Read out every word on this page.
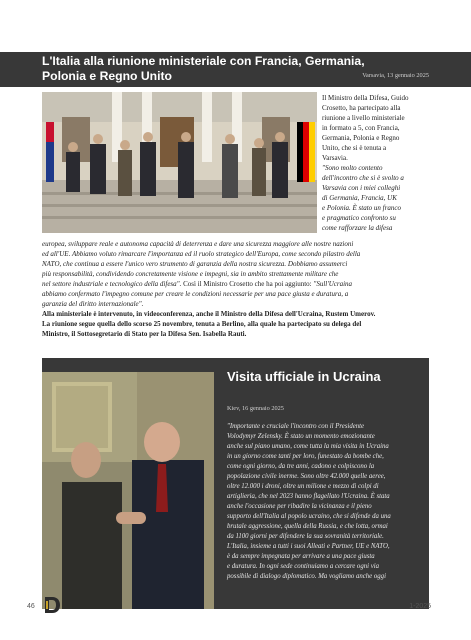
L'Italia alla riunione ministeriale con Francia, Germania,
Polonia e Regno Unito	Varsavia, 13 gennaio 2025
Il Ministro della Difesa, Guido
Crosetto, ha partecipato alla
riunione a livello ministeriale
in formato a 5, con Francia,
Germania, Polonia e Regno
Unito, che si è tenuta a
Varsavia.
"Sono molto contento
dell'incontro che si è svolto a
Varsavia con i miei colleghi
di Germania, Francia, UK
e Polonia. È stato un franco
e pragmatico confronto su
come rafforzare la difesa
europea, sviluppare reale e autonoma capacità di deterrenza e dare una sicurezza maggiore alle nostre nazioni
ed all'UE. Abbiamo voluto rimarcare l'importanza ed il ruolo strategico dell'Europa, come secondo pilastro della
NATO, che continua a essere l'unico vero strumento di garanzia della nostra sicurezza. Dobbiamo assumerci
più responsabilità, condividendo concretamente visione e impegni, sia in ambito strettamente militare che
nel settore industriale e tecnologico della difesa". Così il Ministro Crosetto che ha poi aggiunto: "Sull'Ucraina
abbiamo confermato l'impegno comune per creare le condizioni necessarie per una pace giusta e duratura, a
garanzia del diritto internazionale".
Alla ministeriale è intervenuto, in videoconferenza, anche il Ministro della Difesa dell'Ucraina, Rustem Umerov.
La riunione segue quella dello scorso 25 novembre, tenuta a Berlino, alla quale ha partecipato su delega del
Ministro, il Sottosegretario di Stato per la Difesa Sen. Isabella Rauti.
Visita ufficiale in Ucraina
Kiev, 16 gennaio 2025
"Importante e cruciale l'incontro con il Presidente
Volodymyr Zelensky. È stato un momento emozionante
anche sul piano umano, come tutta la mia visita in Ucraina
in un giorno come tanti per loro, funestato da bombe che,
come ogni giorno, da tre anni, cadono e colpiscono la
popolazione civile inerme. Sono oltre 42.000 quelle aeree,
oltre 12.000 i droni, oltre un milione e mezzo di colpi di
artiglieria, che nel 2023 hanno flagellato l'Ucraina. È stata
anche l'occasione per ribadire la vicinanza e il pieno
supporto dell'Italia al popolo ucraino, che si difende da una
brutale aggressione, quella della Russia, e che lotta, ormai
da 1100 giorni per difendere la sua sovranità territoriale.
L'Italia, insieme a tutti i suoi Alleati e Partner, UE e NATO,
è da sempre impegnata per arrivare a una pace giusta
e duratura. In ogni sede continuiamo a cercare ogni via
possibile di dialogo diplomatico. Ma vogliamo anche oggi
46	1-2025
